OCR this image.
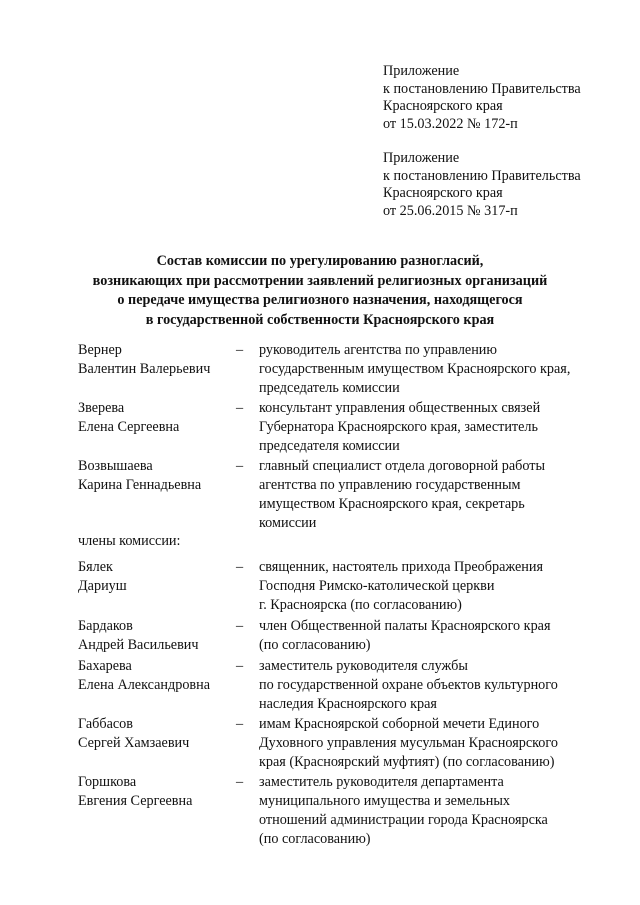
Приложение
к постановлению Правительства
Красноярского края
от 15.03.2022 № 172-п
Приложение
к постановлению Правительства
Красноярского края
от 25.06.2015 № 317-п
Состав комиссии по урегулированию разногласий,
возникающих при рассмотрении заявлений религиозных организаций
о передаче имущества религиозного назначения, находящегося
в государственной собственности Красноярского края
Вернер
Валентин Валерьевич
– руководитель агентства по управлению
государственным имуществом Красноярского края,
председатель комиссии
Зверева
Елена Сергеевна
– консультант управления общественных связей
Губернатора Красноярского края, заместитель
председателя комиссии
Возвышаева
Карина Геннадьевна
– главный специалист отдела договорной работы
агентства по управлению государственным
имуществом Красноярского края, секретарь
комиссии
члены комиссии:
Бялек
Дариуш
– священник, настоятель прихода Преображения
Господня Римско-католической церкви
г. Красноярска (по согласованию)
Бардаков
Андрей Васильевич
– член Общественной палаты Красноярского края
(по согласованию)
Бахарева
Елена Александровна
– заместитель руководителя службы
по государственной охране объектов культурного
наследия Красноярского края
Габбасов
Сергей Хамзаевич
– имам Красноярской соборной мечети Единого
Духовного управления мусульман Красноярского
края (Красноярский муфтият) (по согласованию)
Горшкова
Евгения Сергеевна
– заместитель руководителя департамента
муниципального имущества и земельных
отношений администрации города Красноярска
(по согласованию)
